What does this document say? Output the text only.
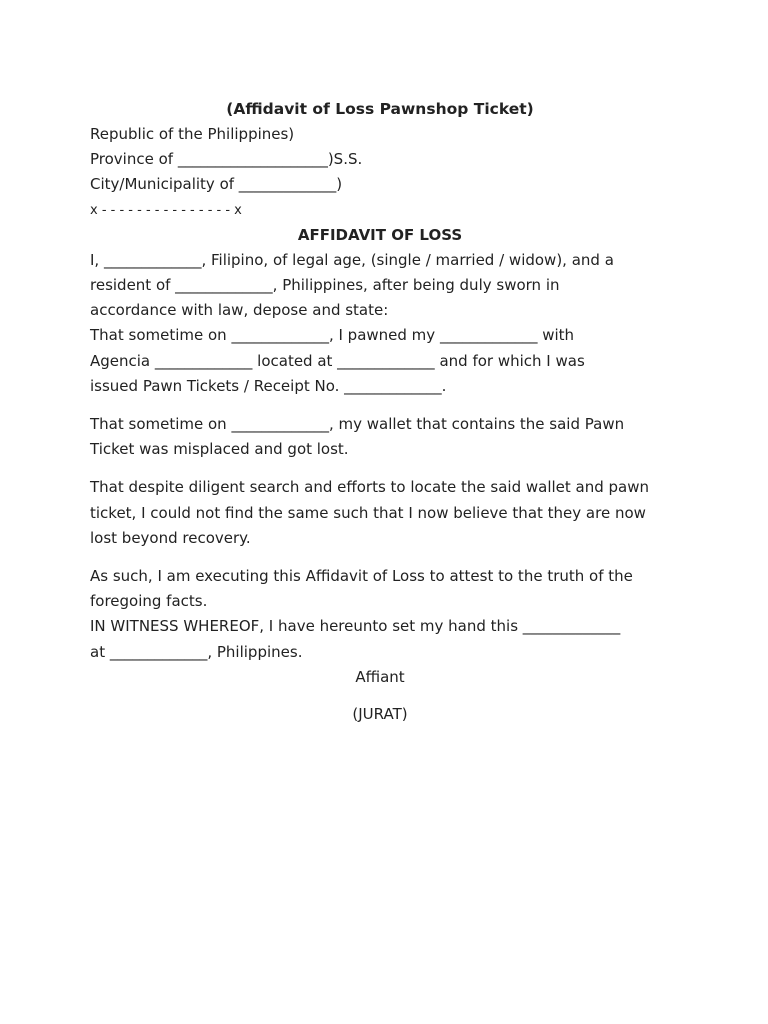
(Affidavit of Loss Pawnshop Ticket)

Republic of the Philippines)

Province of ____________________)S.S.

City/Municipality of _____________)

x - - - - - - - - - - - - - - - x

AFFIDAVIT OF LOSS

I, _____________, Filipino, of legal age, (single / married / widow), and a

resident of _____________, Philippines, after being duly sworn in

accordance with law, depose and state:

That sometime on _____________, I pawned my _____________ with

Agencia _____________ located at _____________ and for which I was

issued Pawn Tickets / Receipt No. _____________.

That sometime on _____________, my wallet that contains the said Pawn

Ticket was misplaced and got lost.

That despite diligent search and efforts to locate the said wallet and pawn

ticket, I could not find the same such that I now believe that they are now

lost beyond recovery.

As such, I am executing this Affidavit of Loss to attest to the truth of the

foregoing facts.

IN WITNESS WHEREOF, I have hereunto set my hand this _____________

at _____________, Philippines.

Affiant

(JURAT)
